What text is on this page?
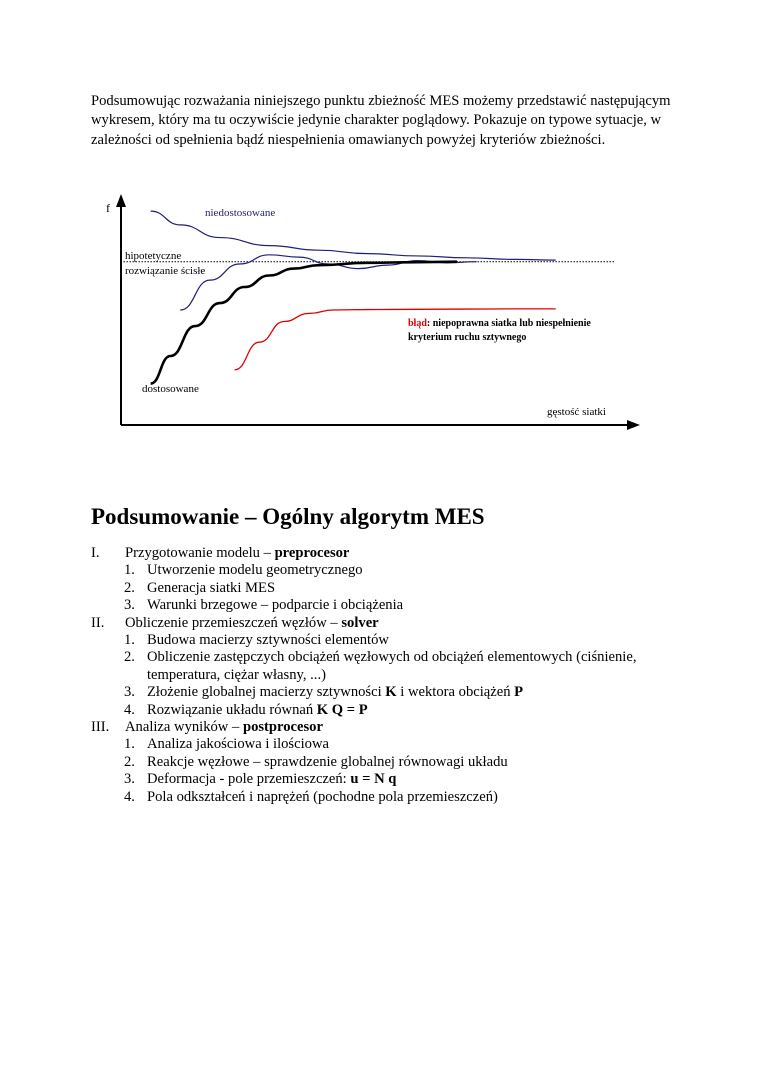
Podsumowując rozważania niniejszego punktu zbieżność MES możemy przedstawić następującym wykresem, który ma tu oczywiście jedynie charakter poglądowy. Pokazuje on typowe sytuacje, w zależności od spełnienia bądź niespełnienia omawianych powyżej kryteriów zbieżności.

f
gęstość siatki
hipotetyczne
rozwiązanie ścisłe
niedostosowane
dostosowane
błąd: niepoprawna siatka lub niespełnienie
kryterium ruchu sztywnego
Podsumowanie – Ogólny algorytm MES
I. Przygotowanie modelu – preprocesor
1. Utworzenie modelu geometrycznego
2. Generacja siatki MES
3. Warunki brzegowe – podparcie i obciążenia
II. Obliczenie przemieszczeń węzłów – solver
1. Budowa macierzy sztywności elementów
2. Obliczenie zastępczych obciążeń węzłowych od obciążeń elementowych (ciśnienie, temperatura, ciężar własny, ...)
3. Złożenie globalnej macierzy sztywności K i wektora obciążeń P
4. Rozwiązanie układu równań K Q = P
III. Analiza wyników – postprocesor
1. Analiza jakościowa i ilościowa
2. Reakcje węzłowe – sprawdzenie globalnej równowagi układu
3. Deformacja - pole przemieszczeń: u = N q
4. Pola odkształceń i naprężeń (pochodne pola przemieszczeń)
